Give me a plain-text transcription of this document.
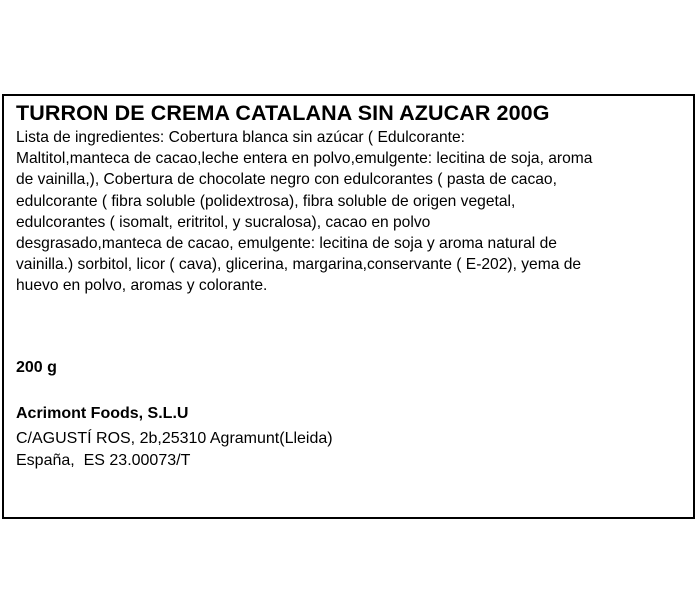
TURRON DE CREMA CATALANA SIN AZUCAR 200G

Lista de ingredientes: Cobertura blanca sin azúcar ( Edulcorante:
Maltitol,manteca de cacao,leche entera en polvo,emulgente: lecitina de soja, aroma
de vainilla,), Cobertura de chocolate negro con edulcorantes ( pasta de cacao,
edulcorante ( fibra soluble (polidextrosa), fibra soluble de origen vegetal,
edulcorantes ( isomalt, eritritol, y sucralosa), cacao en polvo
desgrasado,manteca de cacao, emulgente: lecitina de soja y aroma natural de
vainilla.) sorbitol, licor ( cava), glicerina, margarina,conservante ( E-202), yema de
huevo en polvo, aromas y colorante.

200 g
Acrimont Foods, S.L.U
C/AGUSTÍ ROS, 2b,25310 Agramunt(Lleida)
España,  ES 23.00073/T
